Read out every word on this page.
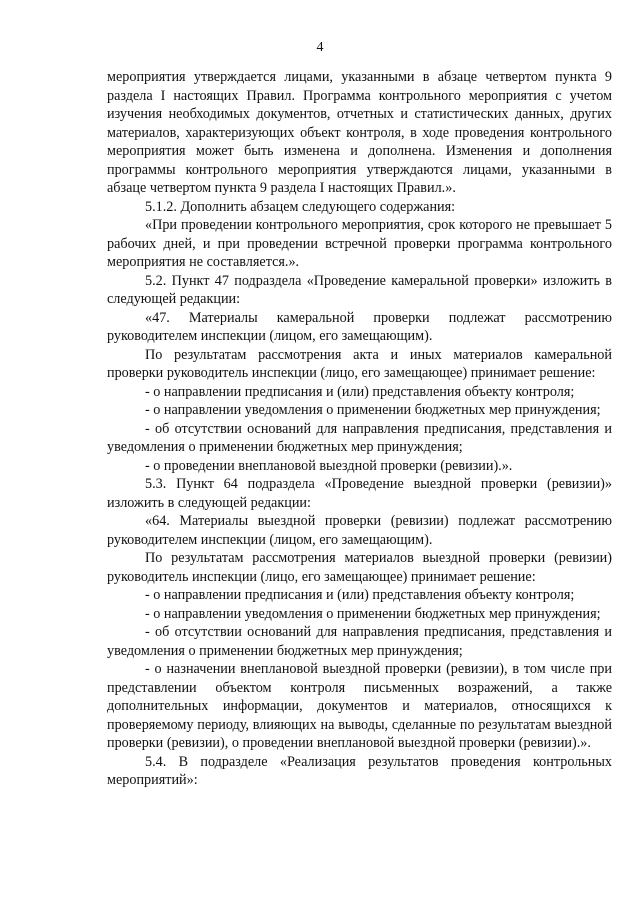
4

мероприятия утверждается лицами, указанными в абзаце четвертом пункта 9 раздела I настоящих Правил. Программа контрольного мероприятия с учетом изучения необходимых документов, отчетных и статистических данных, других материалов, характеризующих объект контроля, в ходе проведения контрольного мероприятия может быть изменена и дополнена. Изменения и дополнения программы контрольного мероприятия утверждаются лицами, указанными в абзаце четвертом пункта 9 раздела I настоящих Правил.».

5.1.2. Дополнить абзацем следующего содержания:

«При проведении контрольного мероприятия, срок которого не превышает 5 рабочих дней, и при проведении встречной проверки программа контрольного мероприятия не составляется.».

5.2. Пункт 47 подраздела «Проведение камеральной проверки» изложить в следующей редакции:

«47. Материалы камеральной проверки подлежат рассмотрению руководителем инспекции (лицом, его замещающим).

По результатам рассмотрения акта и иных материалов камеральной проверки руководитель инспекции (лицо, его замещающее) принимает решение:

- о направлении предписания и (или) представления объекту контроля;

- о направлении уведомления о применении бюджетных мер принуждения;

- об отсутствии оснований для направления предписания, представления и уведомления о применении бюджетных мер принуждения;

- о проведении внеплановой выездной проверки (ревизии).».

5.3. Пункт 64 подраздела «Проведение выездной проверки (ревизии)» изложить в следующей редакции:

«64. Материалы выездной проверки (ревизии) подлежат рассмотрению руководителем инспекции (лицом, его замещающим).

По результатам рассмотрения материалов выездной проверки (ревизии) руководитель инспекции (лицо, его замещающее) принимает решение:

- о направлении предписания и (или) представления объекту контроля;

- о направлении уведомления о применении бюджетных мер принуждения;

- об отсутствии оснований для направления предписания, представления и уведомления о применении бюджетных мер принуждения;

- о назначении внеплановой выездной проверки (ревизии), в том числе при представлении объектом контроля письменных возражений, а также дополнительных информации, документов и материалов, относящихся к проверяемому периоду, влияющих на выводы, сделанные по результатам выездной проверки (ревизии), о проведении внеплановой выездной проверки (ревизии).».

5.4. В подразделе «Реализация результатов проведения контрольных мероприятий»:
